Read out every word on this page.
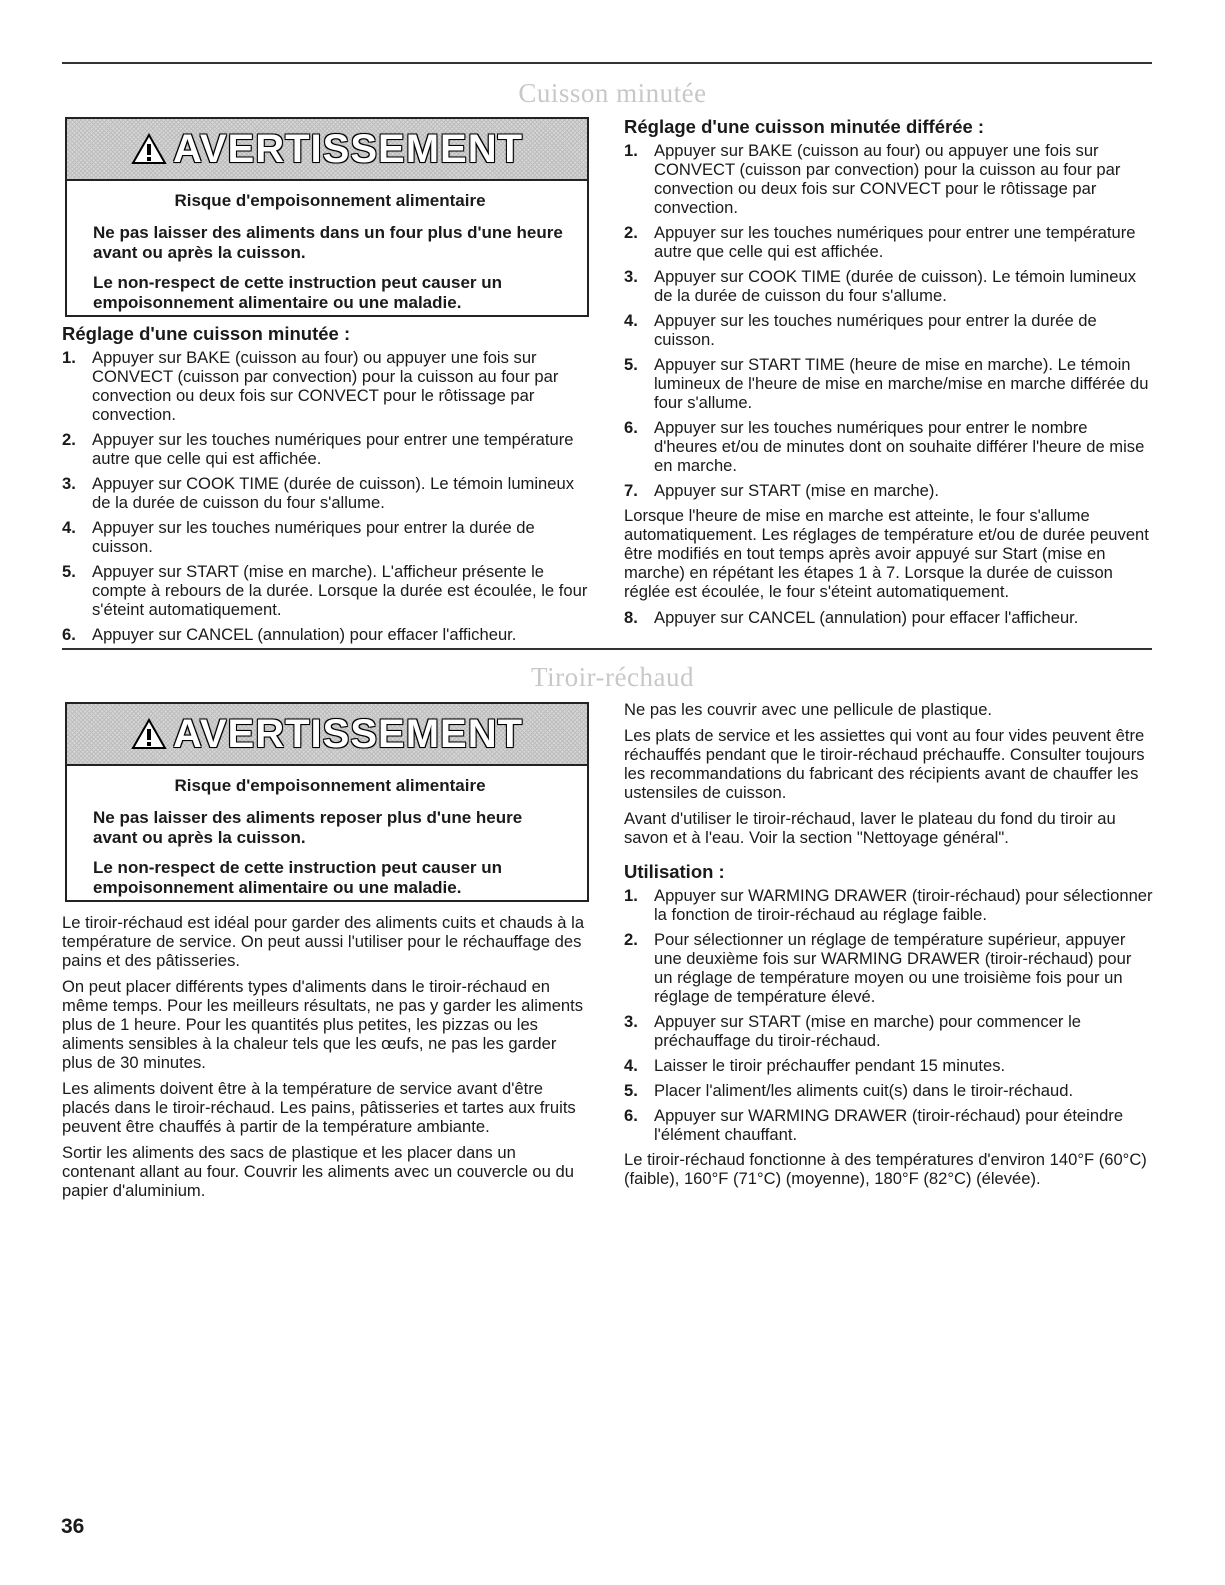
Cuisson minutée
AVERTISSEMENT
Risque d'empoisonnement alimentaire

Ne pas laisser des aliments dans un four plus d'une heure avant ou après la cuisson.

Le non-respect de cette instruction peut causer un empoisonnement alimentaire ou une maladie.

Réglage d'une cuisson minutée :
1. Appuyer sur BAKE (cuisson au four) ou appuyer une fois sur CONVECT (cuisson par convection) pour la cuisson au four par convection ou deux fois sur CONVECT pour le rôtissage par convection.
2. Appuyer sur les touches numériques pour entrer une température autre que celle qui est affichée.
3. Appuyer sur COOK TIME (durée de cuisson). Le témoin lumineux de la durée de cuisson du four s'allume.
4. Appuyer sur les touches numériques pour entrer la durée de cuisson.
5. Appuyer sur START (mise en marche). L'afficheur présente le compte à rebours de la durée. Lorsque la durée est écoulée, le four s'éteint automatiquement.
6. Appuyer sur CANCEL (annulation) pour effacer l'afficheur.
Réglage d'une cuisson minutée différée :
1. Appuyer sur BAKE (cuisson au four) ou appuyer une fois sur CONVECT (cuisson par convection) pour la cuisson au four par convection ou deux fois sur CONVECT pour le rôtissage par convection.
2. Appuyer sur les touches numériques pour entrer une température autre que celle qui est affichée.
3. Appuyer sur COOK TIME (durée de cuisson). Le témoin lumineux de la durée de cuisson du four s'allume.
4. Appuyer sur les touches numériques pour entrer la durée de cuisson.
5. Appuyer sur START TIME (heure de mise en marche). Le témoin lumineux de l'heure de mise en marche/mise en marche différée du four s'allume.
6. Appuyer sur les touches numériques pour entrer le nombre d'heures et/ou de minutes dont on souhaite différer l'heure de mise en marche.
7. Appuyer sur START (mise en marche).

Lorsque l'heure de mise en marche est atteinte, le four s'allume automatiquement. Les réglages de température et/ou de durée peuvent être modifiés en tout temps après avoir appuyé sur Start (mise en marche) en répétant les étapes 1 à 7. Lorsque la durée de cuisson réglée est écoulée, le four s'éteint automatiquement.

8. Appuyer sur CANCEL (annulation) pour effacer l'afficheur.
Tiroir-réchaud
AVERTISSEMENT
Risque d'empoisonnement alimentaire

Ne pas laisser des aliments reposer plus d'une heure avant ou après la cuisson.

Le non-respect de cette instruction peut causer un empoisonnement alimentaire ou une maladie.

Le tiroir-réchaud est idéal pour garder des aliments cuits et chauds à la température de service. On peut aussi l'utiliser pour le réchauffage des pains et des pâtisseries.

On peut placer différents types d'aliments dans le tiroir-réchaud en même temps. Pour les meilleurs résultats, ne pas y garder les aliments plus de 1 heure. Pour les quantités plus petites, les pizzas ou les aliments sensibles à la chaleur tels que les œufs, ne pas les garder plus de 30 minutes.

Les aliments doivent être à la température de service avant d'être placés dans le tiroir-réchaud. Les pains, pâtisseries et tartes aux fruits peuvent être chauffés à partir de la température ambiante.

Sortir les aliments des sacs de plastique et les placer dans un contenant allant au four. Couvrir les aliments avec un couvercle ou du papier d'aluminium.

Ne pas les couvrir avec une pellicule de plastique.

Les plats de service et les assiettes qui vont au four vides peuvent être réchauffés pendant que le tiroir-réchaud préchauffe. Consulter toujours les recommandations du fabricant des récipients avant de chauffer les ustensiles de cuisson.

Avant d'utiliser le tiroir-réchaud, laver le plateau du fond du tiroir au savon et à l'eau. Voir la section "Nettoyage général".

Utilisation :
1. Appuyer sur WARMING DRAWER (tiroir-réchaud) pour sélectionner la fonction de tiroir-réchaud au réglage faible.
2. Pour sélectionner un réglage de température supérieur, appuyer une deuxième fois sur WARMING DRAWER (tiroir-réchaud) pour un réglage de température moyen ou une troisième fois pour un réglage de température élevé.
3. Appuyer sur START (mise en marche) pour commencer le préchauffage du tiroir-réchaud.
4. Laisser le tiroir préchauffer pendant 15 minutes.
5. Placer l'aliment/les aliments cuit(s) dans le tiroir-réchaud.
6. Appuyer sur WARMING DRAWER (tiroir-réchaud) pour éteindre l'élément chauffant.

Le tiroir-réchaud fonctionne à des températures d'environ 140°F (60°C) (faible), 160°F (71°C) (moyenne), 180°F (82°C) (élevée).

36
